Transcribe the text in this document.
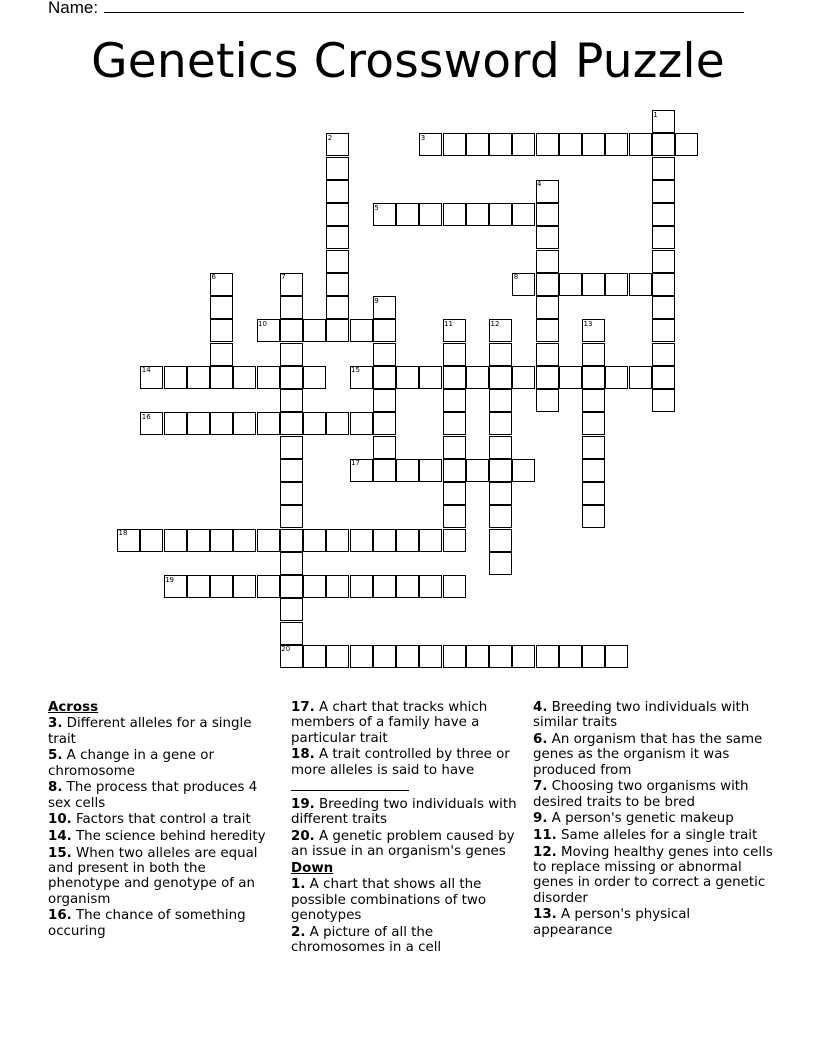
Name:
Genetics Crossword Puzzle
1
2	3
4
5
6	7	8
9
10	11	12	13
14	15
16
17
18
19
20
Across
3. Different alleles for a single trait
5. A change in a gene or chromosome
8. The process that produces 4 sex cells
10. Factors that control a trait
14. The science behind heredity
15. When two alleles are equal and present in both the phenotype and genotype of an organism
16. The chance of something occuring
17. A chart that tracks which members of a family have a particular trait
18. A trait controlled by three or more alleles is said to have
19. Breeding two individuals with different traits
20. A genetic problem caused by an issue in an organism's genes
Down
1. A chart that shows all the possible combinations of two genotypes
2. A picture of all the chromosomes in a cell
4. Breeding two individuals with similar traits
6. An organism that has the same genes as the organism it was produced from
7. Choosing two organisms with desired traits to be bred
9. A person's genetic makeup
11. Same alleles for a single trait
12. Moving healthy genes into cells to replace missing or abnormal genes in order to correct a genetic disorder
13. A person's physical appearance
